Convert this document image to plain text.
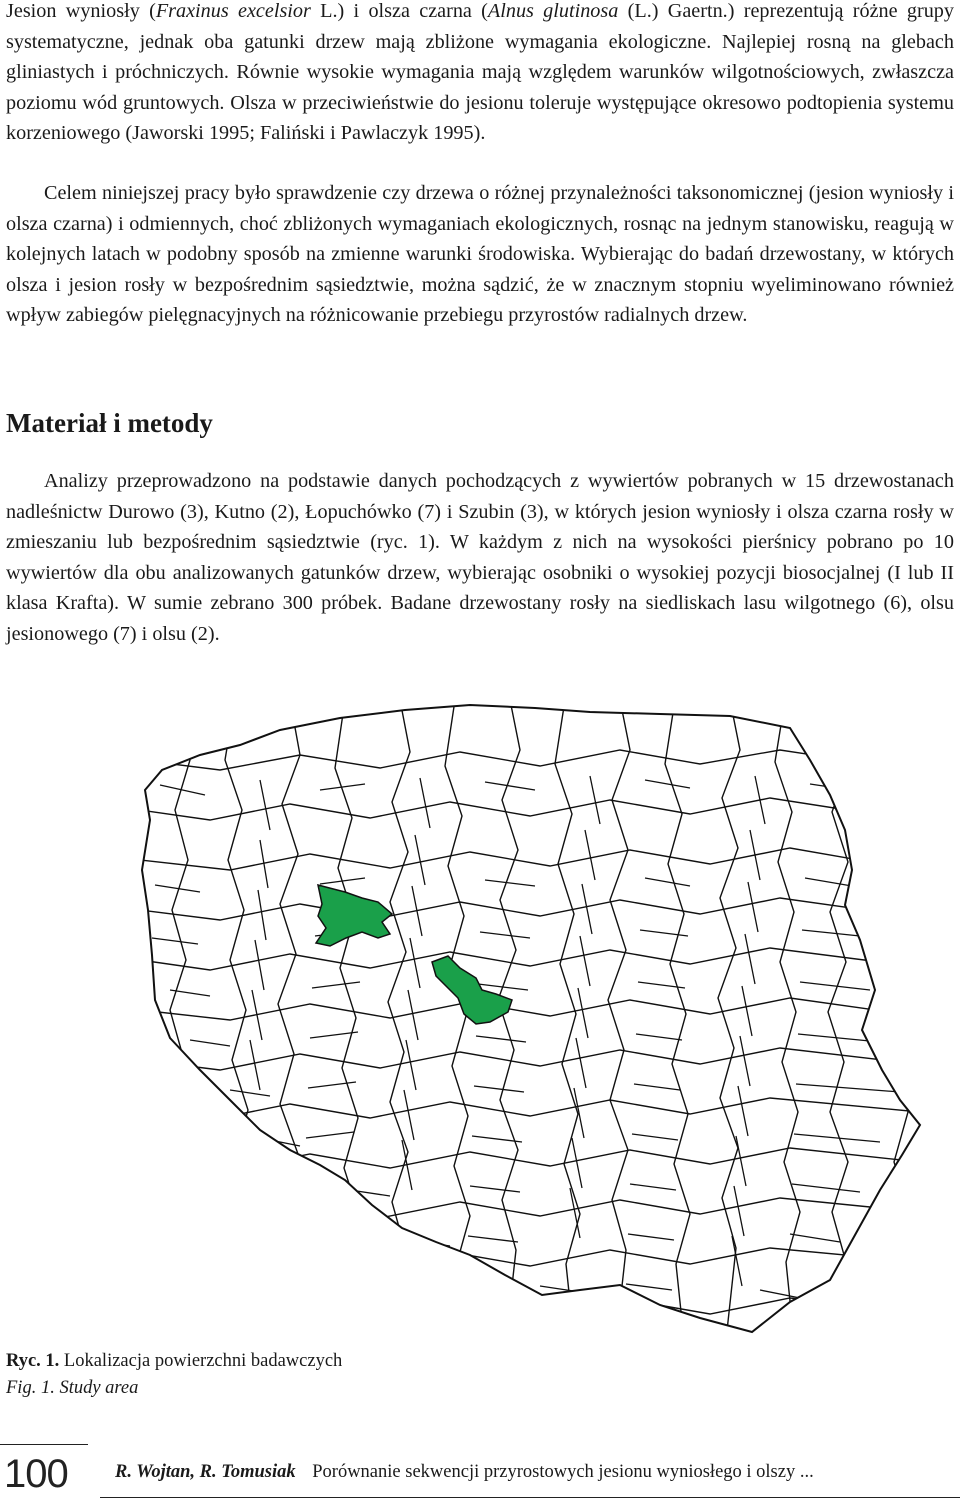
Jesion wyniosły (Fraxinus excelsior L.) i olsza czarna (Alnus glutinosa (L.) Gaertn.) reprezentują różne grupy systematyczne, jednak oba gatunki drzew mają zbliżone wymagania ekologiczne. Najlepiej rosną na glebach gliniastych i próchniczych. Równie wysokie wymagania mają względem warunków wilgotnościowych, zwłaszcza poziomu wód gruntowych. Olsza w przeciwieństwie do jesionu toleruje występujące okresowo podtopienia systemu korzeniowego (Jaworski 1995; Faliński i Pawlaczyk 1995).

Celem niniejszej pracy było sprawdzenie czy drzewa o różnej przynależności taksonomicznej (jesion wyniosły i olsza czarna) i odmiennych, choć zbliżonych wymaganiach ekologicznych, rosnąc na jednym stanowisku, reagują w kolejnych latach w podobny sposób na zmienne warunki środowiska. Wybierając do badań drzewostany, w których olsza i jesion rosły w bezpośrednim sąsiedztwie, można sądzić, że w znacznym stopniu wyeliminowano również wpływ zabiegów pielęgnacyjnych na różnicowanie przebiegu przyrostów radialnych drzew.

Materiał i metody

Analizy przeprowadzono na podstawie danych pochodzących z wywiertów pobranych w 15 drzewostanach nadleśnictw Durowo (3), Kutno (2), Łopuchówko (7) i Szubin (3), w których jesion wyniosły i olsza czarna rosły w zmieszaniu lub bezpośrednim sąsiedztwie (ryc. 1). W każdym z nich na wysokości pierśnicy pobrano po 10 wywiertów dla obu analizowanych gatunków drzew, wybierając osobniki o wysokiej pozycji biosocjalnej (I lub II klasa Krafta). W sumie zebrano 300 próbek. Badane drzewostany rosły na siedliskach lasu wilgotnego (6), olsu jesionowego (7) i olsu (2).

Ryc. 1. Lokalizacja powierzchni badawczych
Fig. 1. Study area
100	R. Wojtan, R. Tomusiak Porównanie sekwencji przyrostowych jesionu wyniosłego i olszy ...
